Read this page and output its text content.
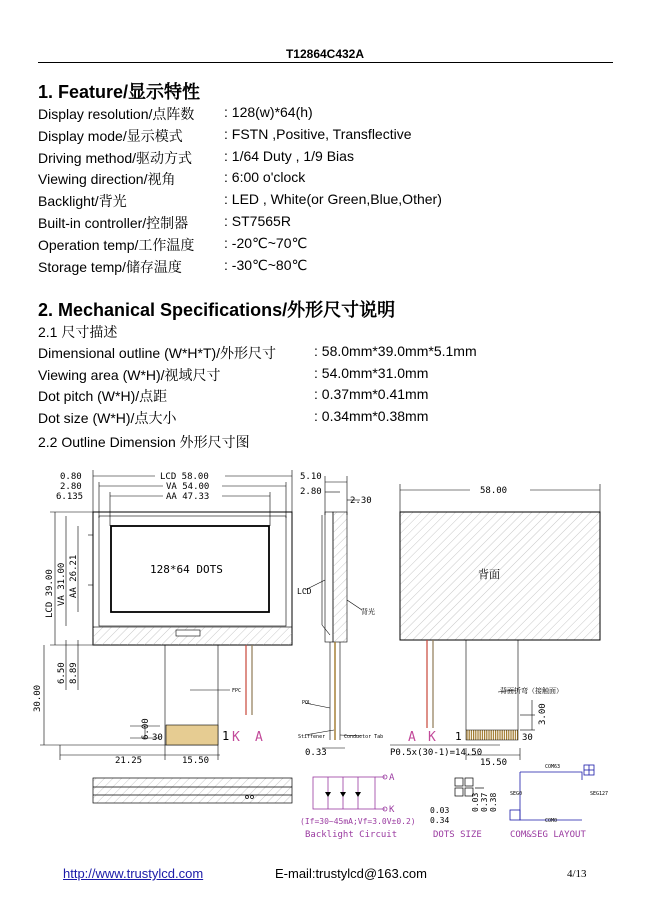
T12864C432A
1. Feature/显示特性
Display resolution/点阵数 : 128(w)*64(h)
Display mode/显示模式	: FSTN ,Positive, Transflective
Driving method/驱动方式 : 1/64 Duty , 1/9 Bias
Viewing direction/视角	: 6:00 o'clock
Backlight/背光	: LED , White(or Green,Blue,Other)
Built-in controller/控制器	: ST7565R
Operation temp/工作温度 : -20℃~70℃
Storage temp/储存温度	: -30℃~80℃
2. Mechanical Specifications/外形尺寸说明
2.1 尺寸描述
Dimensional outline (W*H*T)/外形尺寸	: 58.0mm*39.0mm*5.1mm
Viewing area (W*H)/视域尺寸	: 54.0mm*31.0mm
Dot pitch (W*H)/点距	: 0.37mm*0.41mm
Dot size (W*H)/点大小	: 0.34mm*0.38mm
2.2 Outline Dimension 外形尺寸图
0.80
2.80
6.135
LCD 58.00
VA 54.00
AA 47.33
128*64 DOTS
LCD 39.00 VA 31.00 AA 26.21
6.50 8.89
30.00
6.00
21.25	15.50
30	1 K A
FPC
5.10
2.80
2.30
LCD
背光
POL
Stiffener	Conductor Tab
0.33
58.00
背面
背面折弯（接触面）
3.00
A K 1	30
P0.5x(30-1)=14.50
15.50
A
K
(If=30~45mA;Vf=3.0V±0.2)
Backlight Circuit
0.03 0.37 0.38
0.03
0.34
DOTS SIZE
COM63
SEG0	SEG127
COM0
COM&SEG LAYOUT
http://www.trustylcd.com	E-mail:trustylcd@163.com	4/13
